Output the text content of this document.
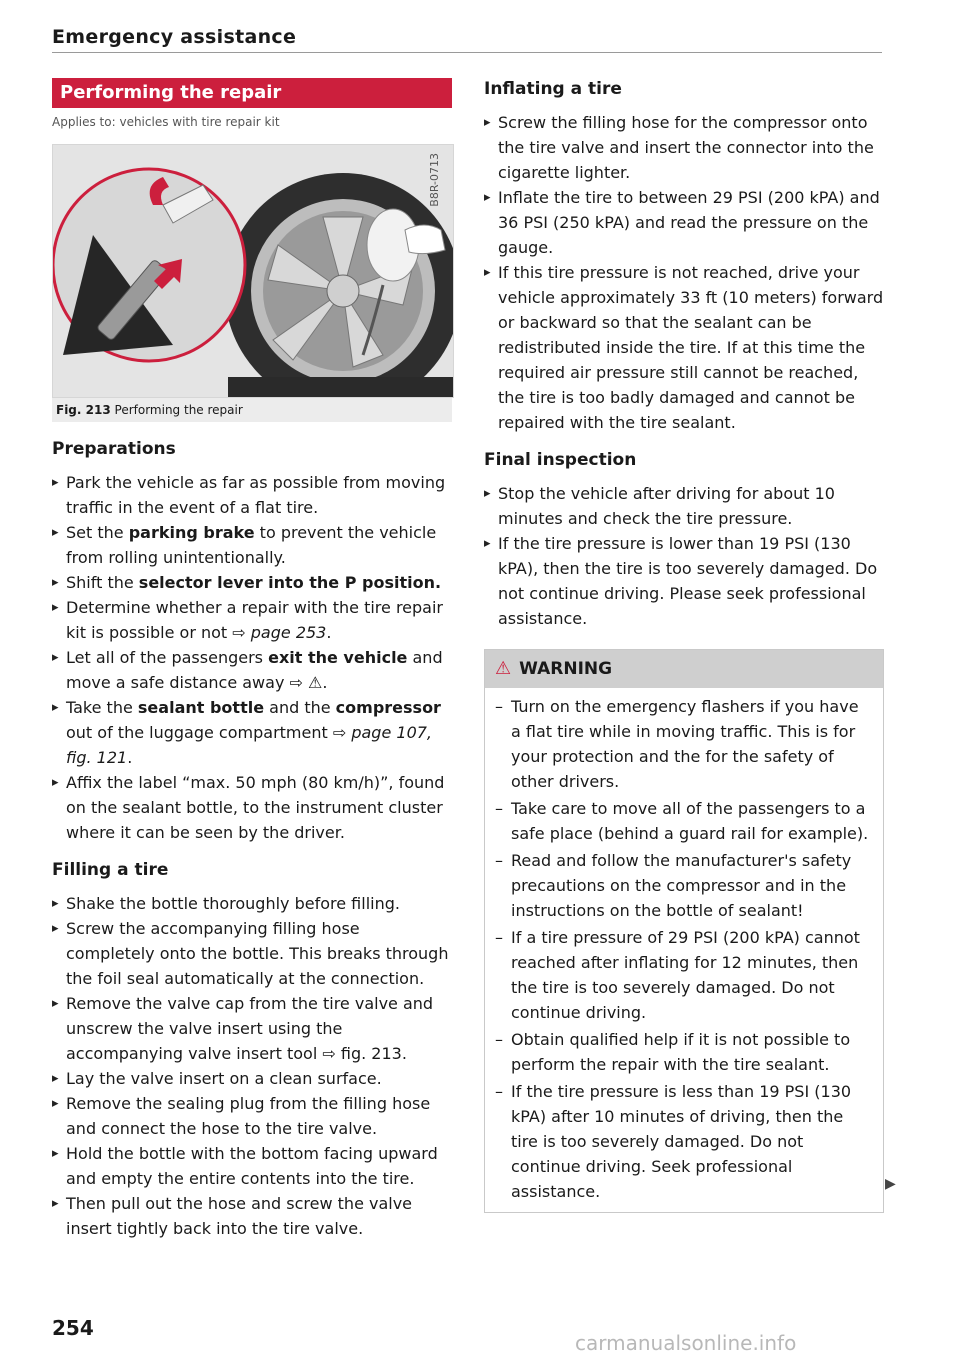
Emergency assistance
Performing the repair
Applies to: vehicles with tire repair kit
B8R-0713
Fig. 213 Performing the repair
Preparations
▸ Park the vehicle as far as possible from moving traffic in the event of a flat tire.
▸ Set the parking brake to prevent the vehicle from rolling unintentionally.
▸ Shift the selector lever into the P position.
▸ Determine whether a repair with the tire repair kit is possible or not ⇨ page 253.
▸ Let all of the passengers exit the vehicle and move a safe distance away ⇨ ⚠.
▸ Take the sealant bottle and the compressor out of the luggage compartment ⇨ page 107, fig. 121.
▸ Affix the label “max. 50 mph (80 km/h)”, found on the sealant bottle, to the instrument cluster where it can be seen by the driver.
Filling a tire
▸ Shake the bottle thoroughly before filling.
▸ Screw the accompanying filling hose completely onto the bottle. This breaks through the foil seal automatically at the connection.
▸ Remove the valve cap from the tire valve and unscrew the valve insert using the accompanying valve insert tool ⇨ fig. 213.
▸ Lay the valve insert on a clean surface.
▸ Remove the sealing plug from the filling hose and connect the hose to the tire valve.
▸ Hold the bottle with the bottom facing upward and empty the entire contents into the tire.
▸ Then pull out the hose and screw the valve insert tightly back into the tire valve.
Inflating a tire
▸ Screw the filling hose for the compressor onto the tire valve and insert the connector into the cigarette lighter.
▸ Inflate the tire to between 29 PSI (200 kPA) and 36 PSI (250 kPA) and read the pressure on the gauge.
▸ If this tire pressure is not reached, drive your vehicle approximately 33 ft (10 meters) forward or backward so that the sealant can be redistributed inside the tire. If at this time the required air pressure still cannot be reached, the tire is too badly damaged and cannot be repaired with the tire sealant.
Final inspection
▸ Stop the vehicle after driving for about 10 minutes and check the tire pressure.
▸ If the tire pressure is lower than 19 PSI (130 kPA), then the tire is too severely damaged. Do not continue driving. Please seek professional assistance.
⚠ WARNING
– Turn on the emergency flashers if you have a flat tire while in moving traffic. This is for your protection and the for the safety of other drivers.
– Take care to move all of the passengers to a safe place (behind a guard rail for example).
– Read and follow the manufacturer's safety precautions on the compressor and in the instructions on the bottle of sealant!
– If a tire pressure of 29 PSI (200 kPA) cannot reached after inflating for 12 minutes, then the tire is too severely damaged. Do not continue driving.
– Obtain qualified help if it is not possible to perform the repair with the tire sealant.
– If the tire pressure is less than 19 PSI (130 kPA) after 10 minutes of driving, then the tire is too severely damaged. Do not continue driving. Seek professional assistance.	▶
254
carmanualsonline.info
